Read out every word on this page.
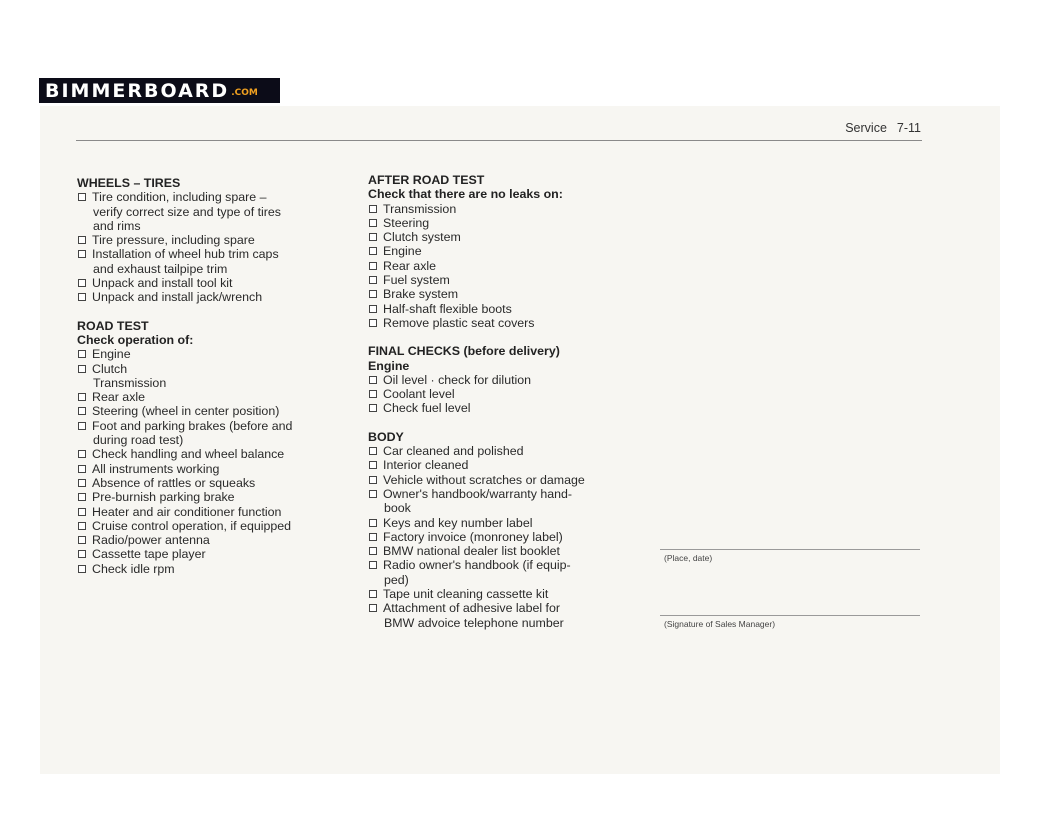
BIMMERBOARD .COM
Service 7-11
WHEELS – TIRES
Tire condition, including spare –
verify correct size and type of tires
and rims
Tire pressure, including spare
Installation of wheel hub trim caps
and exhaust tailpipe trim
Unpack and install tool kit
Unpack and install jack/wrench
ROAD TEST
Check operation of:
Engine
Clutch
Transmission
Rear axle
Steering (wheel in center position)
Foot and parking brakes (before and
during road test)
Check handling and wheel balance
All instruments working
Absence of rattles or squeaks
Pre-burnish parking brake
Heater and air conditioner function
Cruise control operation, if equipped
Radio/power antenna
Cassette tape player
Check idle rpm
AFTER ROAD TEST
Check that there are no leaks on:
Transmission
Steering
Clutch system
Engine
Rear axle
Fuel system
Brake system
Half-shaft flexible boots
Remove plastic seat covers
FINAL CHECKS (before delivery)
Engine
Oil level · check for dilution
Coolant level
Check fuel level
BODY
Car cleaned and polished
Interior cleaned
Vehicle without scratches or damage
Owner's handbook/warranty hand-
book
Keys and key number label
Factory invoice (monroney label)
BMW national dealer list booklet
Radio owner's handbook (if equip-
ped)
Tape unit cleaning cassette kit
Attachment of adhesive label for
BMW advoice telephone number
(Place, date)
(Signature of Sales Manager)
